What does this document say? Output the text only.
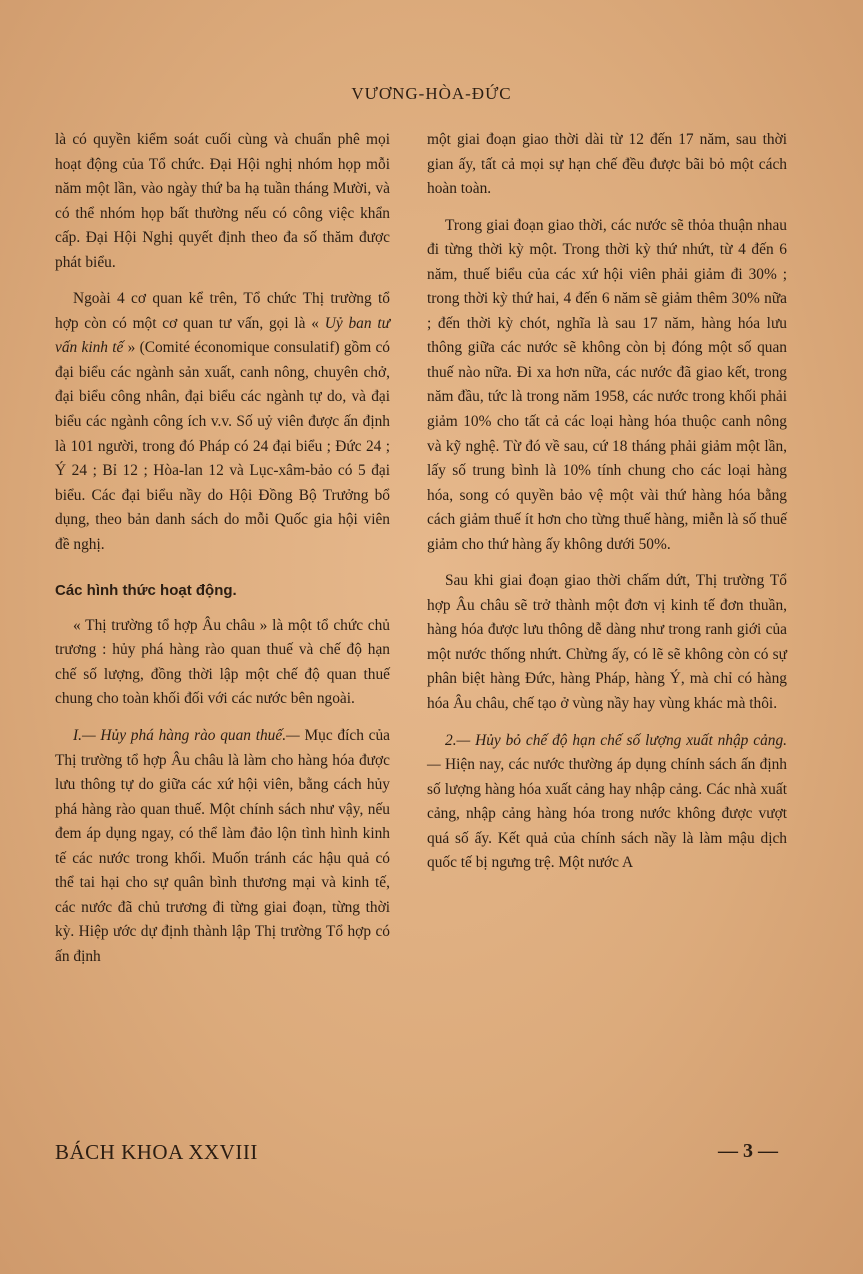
VƯƠNG-HÒA-ĐỨC

là có quyền kiểm soát cuối cùng và chuẩn phê mọi hoạt động của Tổ chức. Đại Hội nghị nhóm họp mỗi năm một lần, vào ngày thứ ba hạ tuần tháng Mười, và có thể nhóm họp bất thường nếu có công việc khẩn cấp. Đại Hội Nghị quyết định theo đa số thăm được phát biểu.

Ngoài 4 cơ quan kể trên, Tổ chức Thị trường tổ hợp còn có một cơ quan tư vấn, gọi là « Uỷ ban tư vấn kinh tế » (Comité économique consulatif) gồm có đại biểu các ngành sản xuất, canh nông, chuyên chở, đại biểu công nhân, đại biểu các ngành tự do, và đại biểu các ngành công ích v.v. Số uỷ viên được ấn định là 101 người, trong đó Pháp có 24 đại biểu ; Đức 24 ; Ý 24 ; Bỉ 12 ; Hòa-lan 12 và Lục-xâm-bảo có 5 đại biểu. Các đại biểu nầy do Hội Đồng Bộ Trưởng bổ dụng, theo bản danh sách do mỗi Quốc gia hội viên đề nghị.

Các hình thức hoạt động.

« Thị trường tổ hợp Âu châu » là một tổ chức chủ trương : hủy phá hàng rào quan thuế và chế độ hạn chế số lượng, đồng thời lập một chế độ quan thuế chung cho toàn khối đối với các nước bên ngoài.

I.— Hủy phá hàng rào quan thuế.— Mục đích của Thị trường tổ hợp Âu châu là làm cho hàng hóa được lưu thông tự do giữa các xứ hội viên, bằng cách hủy phá hàng rào quan thuế. Một chính sách như vậy, nếu đem áp dụng ngay, có thể làm đảo lộn tình hình kinh tế các nước trong khối. Muốn tránh các hậu quả có thể tai hại cho sự quân bình thương mại và kinh tế, các nước đã chủ trương đi từng giai đoạn, từng thời kỳ. Hiệp ước dự định thành lập Thị trường Tổ hợp có ấn định

một giai đoạn giao thời dài từ 12 đến 17 năm, sau thời gian ấy, tất cả mọi sự hạn chế đều được bãi bỏ một cách hoàn toàn.

Trong giai đoạn giao thời, các nước sẽ thỏa thuận nhau đi từng thời kỳ một. Trong thời kỳ thứ nhứt, từ 4 đến 6 năm, thuế biểu của các xứ hội viên phải giảm đi 30% ; trong thời kỳ thứ hai, 4 đến 6 năm sẽ giảm thêm 30% nữa ; đến thời kỳ chót, nghĩa là sau 17 năm, hàng hóa lưu thông giữa các nước sẽ không còn bị đóng một số quan thuế nào nữa. Đi xa hơn nữa, các nước đã giao kết, trong năm đầu, tức là trong năm 1958, các nước trong khối phải giảm 10% cho tất cả các loại hàng hóa thuộc canh nông và kỹ nghệ. Từ đó về sau, cứ 18 tháng phải giảm một lần, lấy số trung bình là 10% tính chung cho các loại hàng hóa, song có quyền bảo vệ một vài thứ hàng hóa bằng cách giảm thuế ít hơn cho từng thuế hàng, miễn là số thuế giảm cho thứ hàng ấy không dưới 50%.

Sau khi giai đoạn giao thời chấm dứt, Thị trường Tổ hợp Âu châu sẽ trở thành một đơn vị kinh tế đơn thuần, hàng hóa được lưu thông dễ dàng như trong ranh giới của một nước thống nhứt. Chừng ấy, có lẽ sẽ không còn có sự phân biệt hàng Đức, hàng Pháp, hàng Ý, mà chỉ có hàng hóa Âu châu, chế tạo ở vùng nầy hay vùng khác mà thôi.

2.— Hủy bỏ chế độ hạn chế số lượng xuất nhập cảng.— Hiện nay, các nước thường áp dụng chính sách ấn định số lượng hàng hóa xuất cảng hay nhập cảng. Các nhà xuất cảng, nhập cảng hàng hóa trong nước không được vượt quá số ấy. Kết quả của chính sách nầy là làm mậu dịch quốc tế bị ngưng trệ. Một nước A

BÁCH KHOA XXVIII	— 3 —
